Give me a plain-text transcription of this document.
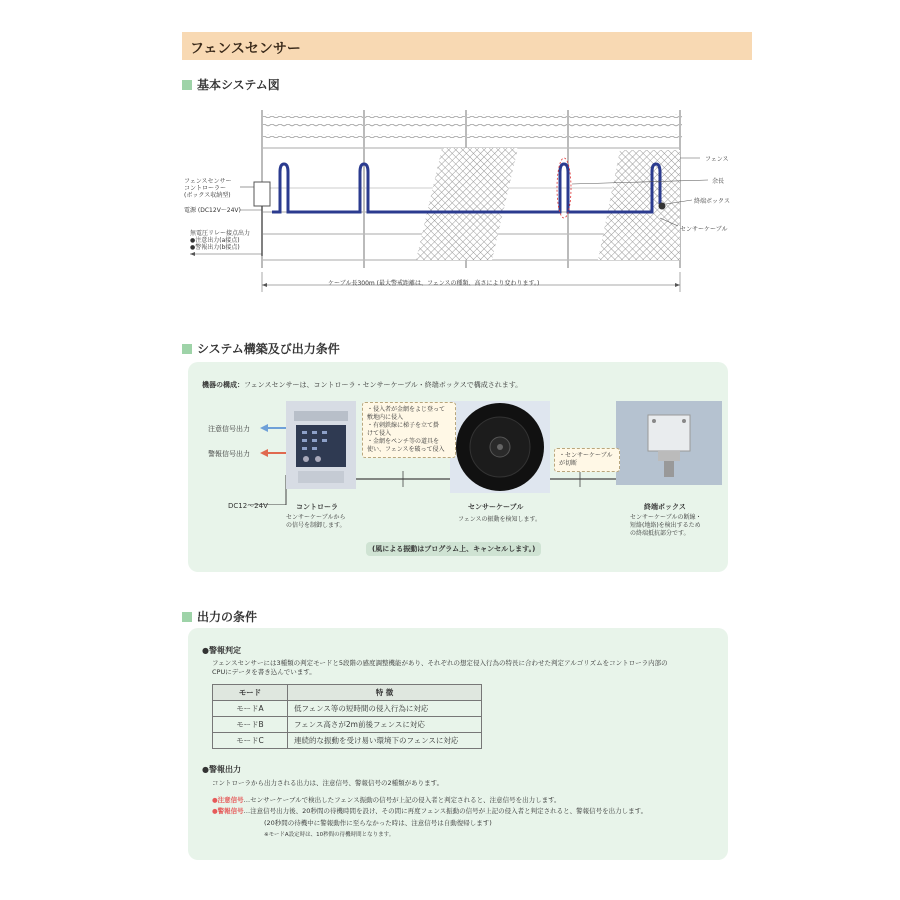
フェンスセンサー
基本システム図
フェンスセンサー
コントローラー
(ボックス収納型)
電源 (DC12V〜24V)
無電圧リレー接点出力
●注意出力(a接点)
●警報出力(b接点)
フェンス
余長
終端ボックス
センサーケーブル
ケーブル長300m (最大警戒距離は、フェンスの種類、高さにより変わります。)
システム構築及び出力条件
機器の構成：フェンスセンサーは、コントローラ・センサーケーブル・終端ボックスで構成されます。
注意信号出力
警報信号出力
DC12〜24V
・侵入者が金網をよじ登って
敷地内に侵入
・有刺鉄線に梯子を立て掛
けて侵入
・金網をペンチ等の道具を
使い、フェンスを破って侵入
・センサーケーブル
が切断
コントローラ
センサーケーブルから
の信号を制御します。
センサーケーブル
フェンスの振動を検知します。
終端ボックス
センサーケーブルの断線・
短絡(地絡)を検出するため
の終端抵抗部分です。
(風による振動はプログラム上、キャンセルします。)
出力の条件
●警報判定
フェンスセンサーには3種類の判定モードと5段階の感度調整機能があり、それぞれの想定侵入行為の特長に合わせた判定アルゴリズムをコントローラ内部の
CPUにデータを書き込んでいます。
モード	特 徴
モードA	低フェンス等の短時間の侵入行為に対応
モードB	フェンス高さが2m前後フェンスに対応
モードC	連続的な振動を受け易い環境下のフェンスに対応
●警報出力
コントローラから出力される出力は、注意信号、警報信号の2種類があります。
●注意信号…センサーケーブルで検出したフェンス振動の信号が上記の侵入者と判定されると、注意信号を出力します。
●警報信号…注意信号出力後、20秒間の待機時間を設け、その間に再度フェンス振動の信号が上記の侵入者と判定されると、警報信号を出力します。
(20秒間の待機中に警報動作に至らなかった時は、注意信号は自動復帰します)
※モードA設定時は、10秒間の待機時間となります。
